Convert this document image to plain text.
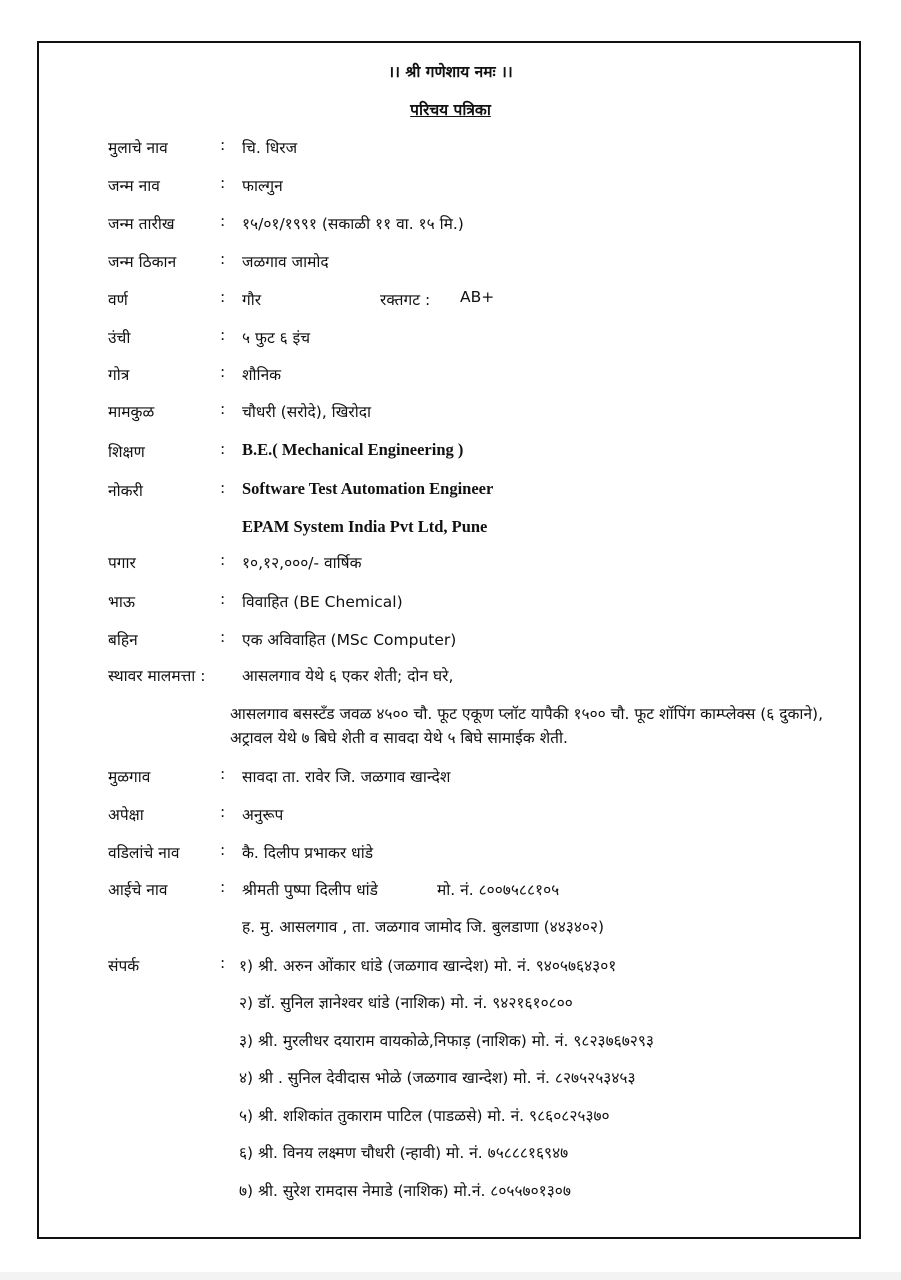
।। श्री गणेशाय नमः ।।
परिचय पत्रिका
मुलाचे नाव	: चि. धिरज
जन्म नाव	: फाल्गुन
जन्म तारीख	: १५/०१/१९९१ (सकाळी ११ वा. १५ मि.)
जन्म ठिकान	: जळगाव जामोद
वर्ण	: गौर	रक्तगट : AB+
उंची	: ५ फुट ६ इंच
गोत्र	: शौनिक
मामकुळ	: चौधरी (सरोदे), खिरोदा
शिक्षण	: B.E.( Mechanical Engineering )
नोकरी	: Software Test Automation Engineer
EPAM System India Pvt Ltd, Pune
पगार	: १०,१२,०००/- वार्षिक
भाऊ	: विवाहित (BE Chemical)
बहिन	: एक अविवाहित (MSc Computer)
स्थावर मालमत्ता : आसलगाव येथे ६ एकर शेती; दोन घरे,
आसलगाव बसस्टॅंड जवळ ४५०० चौ. फूट एकूण प्लॉट यापैकी १५०० चौ. फूट शॉपिंग काम्प्लेक्स (६ दुकाने), अट्रावल येथे ७ बिघे शेती व सावदा येथे ५ बिघे सामाईक शेती.
मुळगाव	: सावदा ता. रावेर जि. जळगाव खान्देश
अपेक्षा	: अनुरूप
वडिलांचे नाव	: कै. दिलीप प्रभाकर धांडे
आईचे नाव	: श्रीमती पुष्पा दिलीप धांडे	मो. नं. ८००७५८८१०५
ह. मु. आसलगाव , ता. जळगाव जामोद जि. बुलडाणा (४४३४०२)
संपर्क	: १) श्री. अरुन ओंकार धांडे (जळगाव खान्देश) मो. नं. ९४०५७६४३०१
२) डॉ. सुनिल ज्ञानेश्वर धांडे (नाशिक) मो. नं. ९४२१६१०८००
३) श्री. मुरलीधर दयाराम वायकोळे,निफाड़ (नाशिक) मो. नं. ९८२३७६७२९३
४) श्री . सुनिल देवीदास भोळे (जळगाव खान्देश) मो. नं. ८२७५२५३४५३
५) श्री. शशिकांत तुकाराम पाटिल (पाडळसे) मो. नं. ९८६०८२५३७०
६) श्री. विनय लक्ष्मण चौधरी (न्हावी) मो. नं. ७५८८८१६९४७
७) श्री. सुरेश रामदास नेमाडे (नाशिक) मो.नं. ८०५५७०१३०७
